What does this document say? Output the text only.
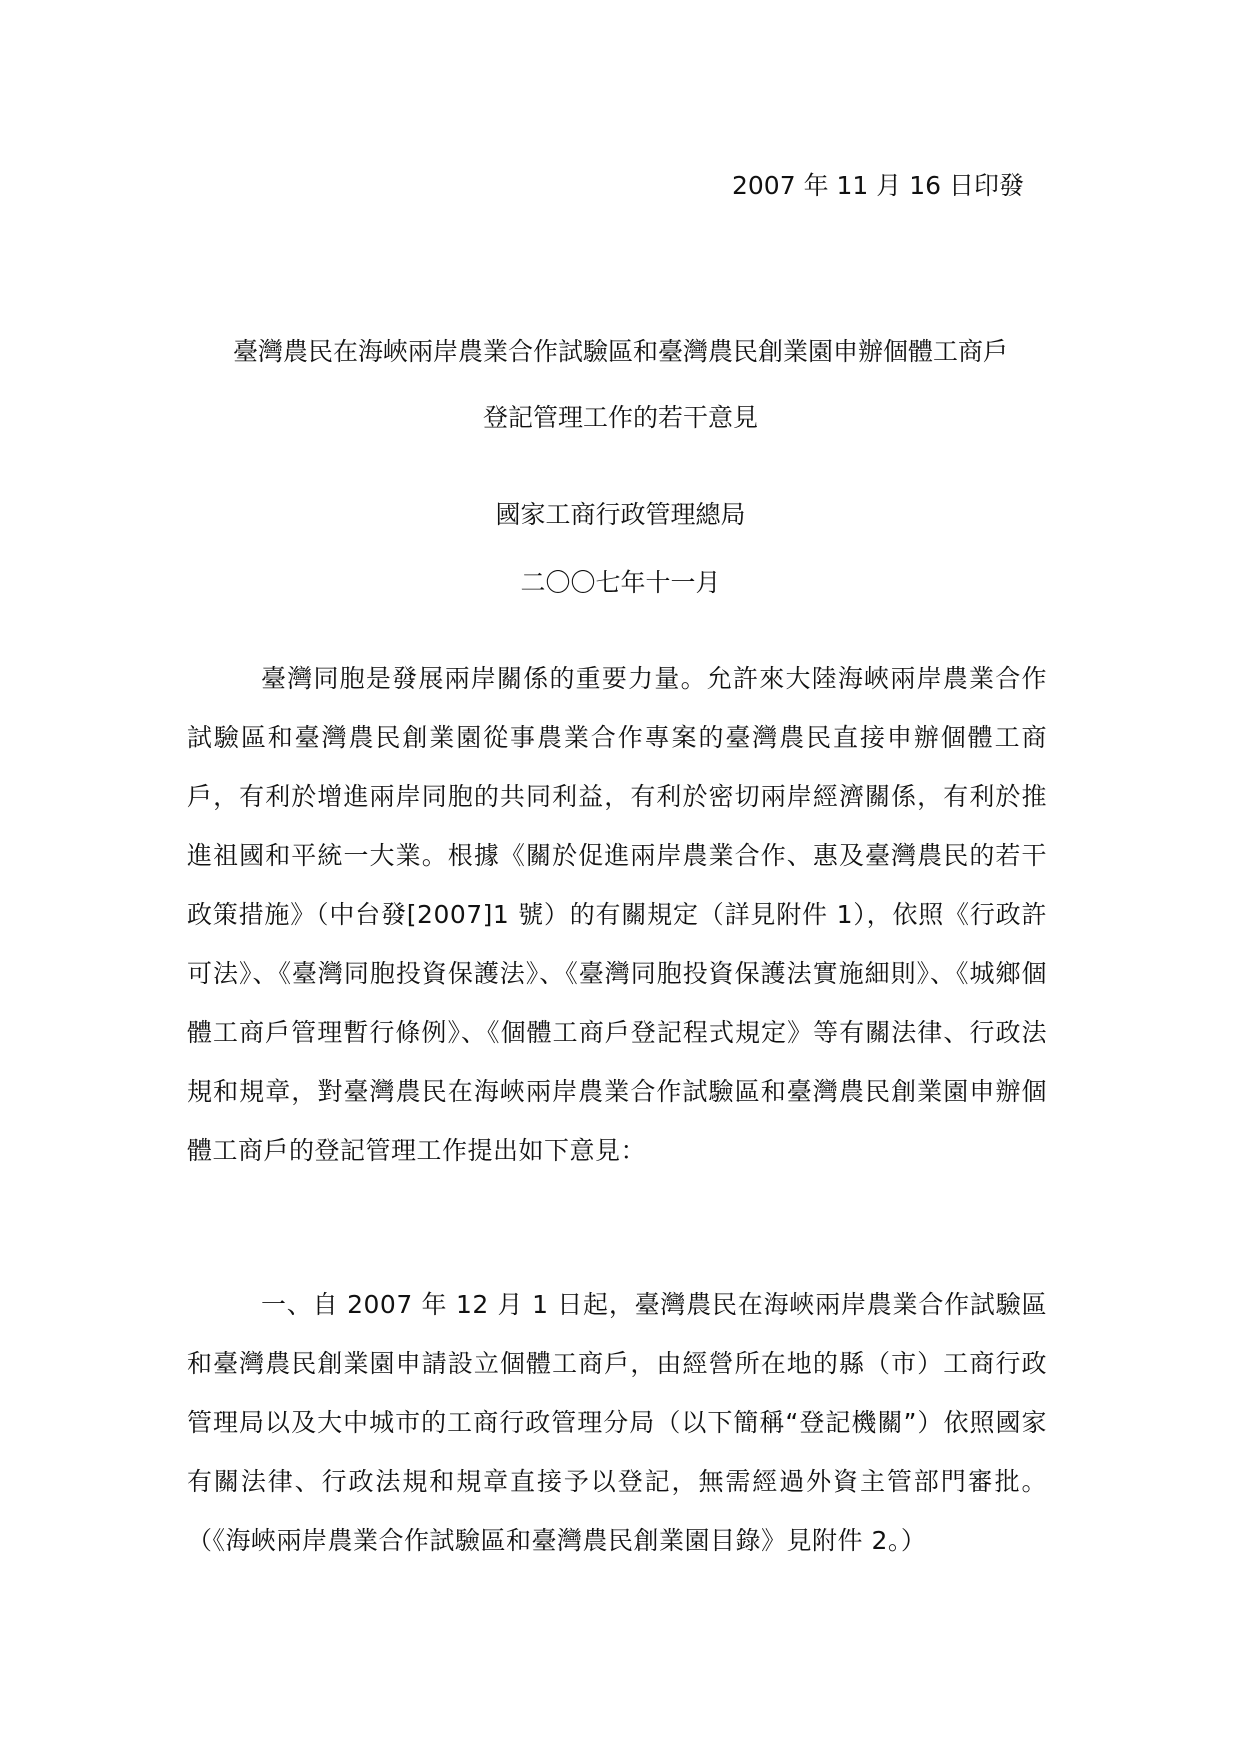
2007 年 11 月 16 日印發
臺灣農民在海峽兩岸農業合作試驗區和臺灣農民創業園申辦個體工商戶
登記管理工作的若干意見
國家工商行政管理總局
二〇〇七年十一月

臺灣同胞是發展兩岸關係的重要力量。允許來大陸海峽兩岸農業合作試驗區和臺灣農民創業園從事農業合作專案的臺灣農民直接申辦個體工商戶，有利於增進兩岸同胞的共同利益，有利於密切兩岸經濟關係，有利於推進祖國和平統一大業。根據《關於促進兩岸農業合作、惠及臺灣農民的若干政策措施》（中台發[2007]1 號）的有關規定（詳見附件 1），依照《行政許可法》、《臺灣同胞投資保護法》、《臺灣同胞投資保護法實施細則》、《城鄉個體工商戶管理暫行條例》、《個體工商戶登記程式規定》等有關法律、行政法規和規章，對臺灣農民在海峽兩岸農業合作試驗區和臺灣農民創業園申辦個體工商戶的登記管理工作提出如下意見：

一、自 2007 年 12 月 1 日起，臺灣農民在海峽兩岸農業合作試驗區和臺灣農民創業園申請設立個體工商戶，由經營所在地的縣（市）工商行政管理局以及大中城市的工商行政管理分局（以下簡稱“登記機關”）依照國家有關法律、行政法規和規章直接予以登記，無需經過外資主管部門審批。（《海峽兩岸農業合作試驗區和臺灣農民創業園目錄》見附件 2。）
